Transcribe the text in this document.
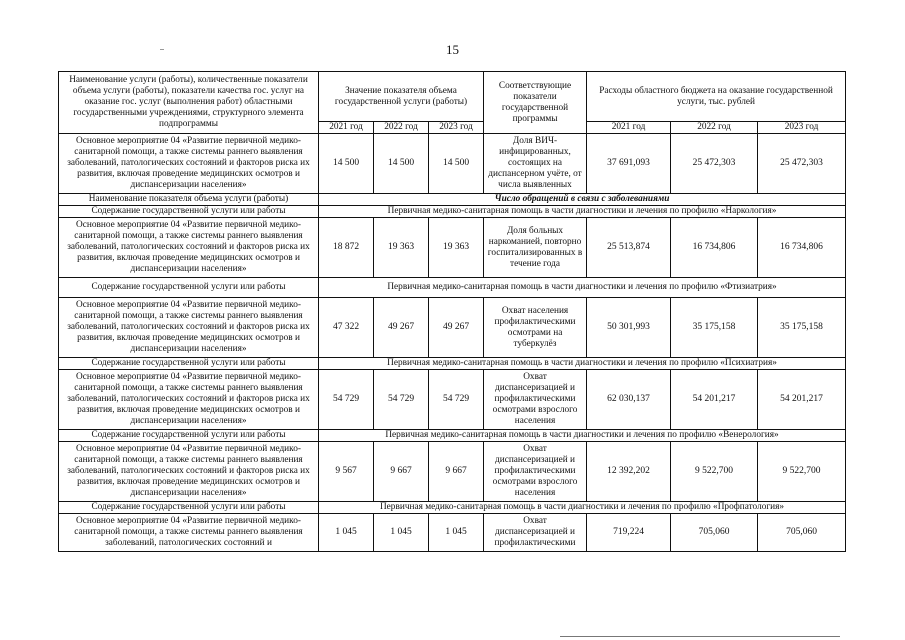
15
Наименование услуги (работы), количественные показатели объема услуги (работы), показатели качества гос. услуг на оказание гос. услуг (выполнения работ) областными государственными учреждениями, структурного элемента подпрограммы	Значение показателя объема государственной услуги (работы)			Соответствующие показатели государственной программы	Расходы областного бюджета на оказание государственной услуги, тыс. рублей		
	2021 год	2022 год	2023 год		2021 год	2022 год	2023 год
Основное мероприятие 04 «Развитие первичной медико-санитарной помощи, а также системы раннего выявления заболеваний, патологических состояний и факторов риска их развития, включая проведение медицинских осмотров и диспансеризации населения»	14 500	14 500	14 500	Доля ВИЧ-инфицированных, состоящих на диспансерном учёте, от числа выявленных	37 691,093	25 472,303	25 472,303
Наименование показателя объема услуги (работы)	Число обращений в связи с заболеваниями						
Содержание государственной услуги или работы	Первичная медико-санитарная помощь в части диагностики и лечения по профилю «Наркология»						
Основное мероприятие 04 «Развитие первичной медико-санитарной помощи, а также системы раннего выявления заболеваний, патологических состояний и факторов риска их развития, включая проведение медицинских осмотров и диспансеризации населения»	18 872	19 363	19 363	Доля больных наркоманией, повторно госпитализированных в течение года	25 513,874	16 734,806	16 734,806
Содержание государственной услуги или работы	Первичная медико-санитарная помощь в части диагностики и лечения по профилю «Фтизиатрия»						
Основное мероприятие 04 «Развитие первичной медико-санитарной помощи, а также системы раннего выявления заболеваний, патологических состояний и факторов риска их развития, включая проведение медицинских осмотров и диспансеризации населения»	47 322	49 267	49 267	Охват населения профилактическими осмотрами на туберкулёз	50 301,993	35 175,158	35 175,158
Содержание государственной услуги или работы	Первичная медико-санитарная помощь в части диагностики и лечения по профилю «Психиатрия»						
Основное мероприятие 04 «Развитие первичной медико-санитарной помощи, а также системы раннего выявления заболеваний, патологических состояний и факторов риска их развития, включая проведение медицинских осмотров и диспансеризации населения»	54 729	54 729	54 729	Охват диспансеризацией и профилактическими осмотрами взрослого населения	62 030,137	54 201,217	54 201,217
Содержание государственной услуги или работы	Первичная медико-санитарная помощь в части диагностики и лечения по профилю «Венерология»						
Основное мероприятие 04 «Развитие первичной медико-санитарной помощи, а также системы раннего выявления заболеваний, патологических состояний и факторов риска их развития, включая проведение медицинских осмотров и диспансеризации населения»	9 567	9 667	9 667	Охват диспансеризацией и профилактическими осмотрами взрослого населения	12 392,202	9 522,700	9 522,700
Содержание государственной услуги или работы	Первичная медико-санитарная помощь в части диагностики и лечения по профилю «Профпатология»						
Основное мероприятие 04 «Развитие первичной медико-санитарной помощи, а также системы раннего выявления заболеваний, патологических состояний и	1 045	1 045	1 045	Охват диспансеризацией и профилактическими	719,224	705,060	705,060
